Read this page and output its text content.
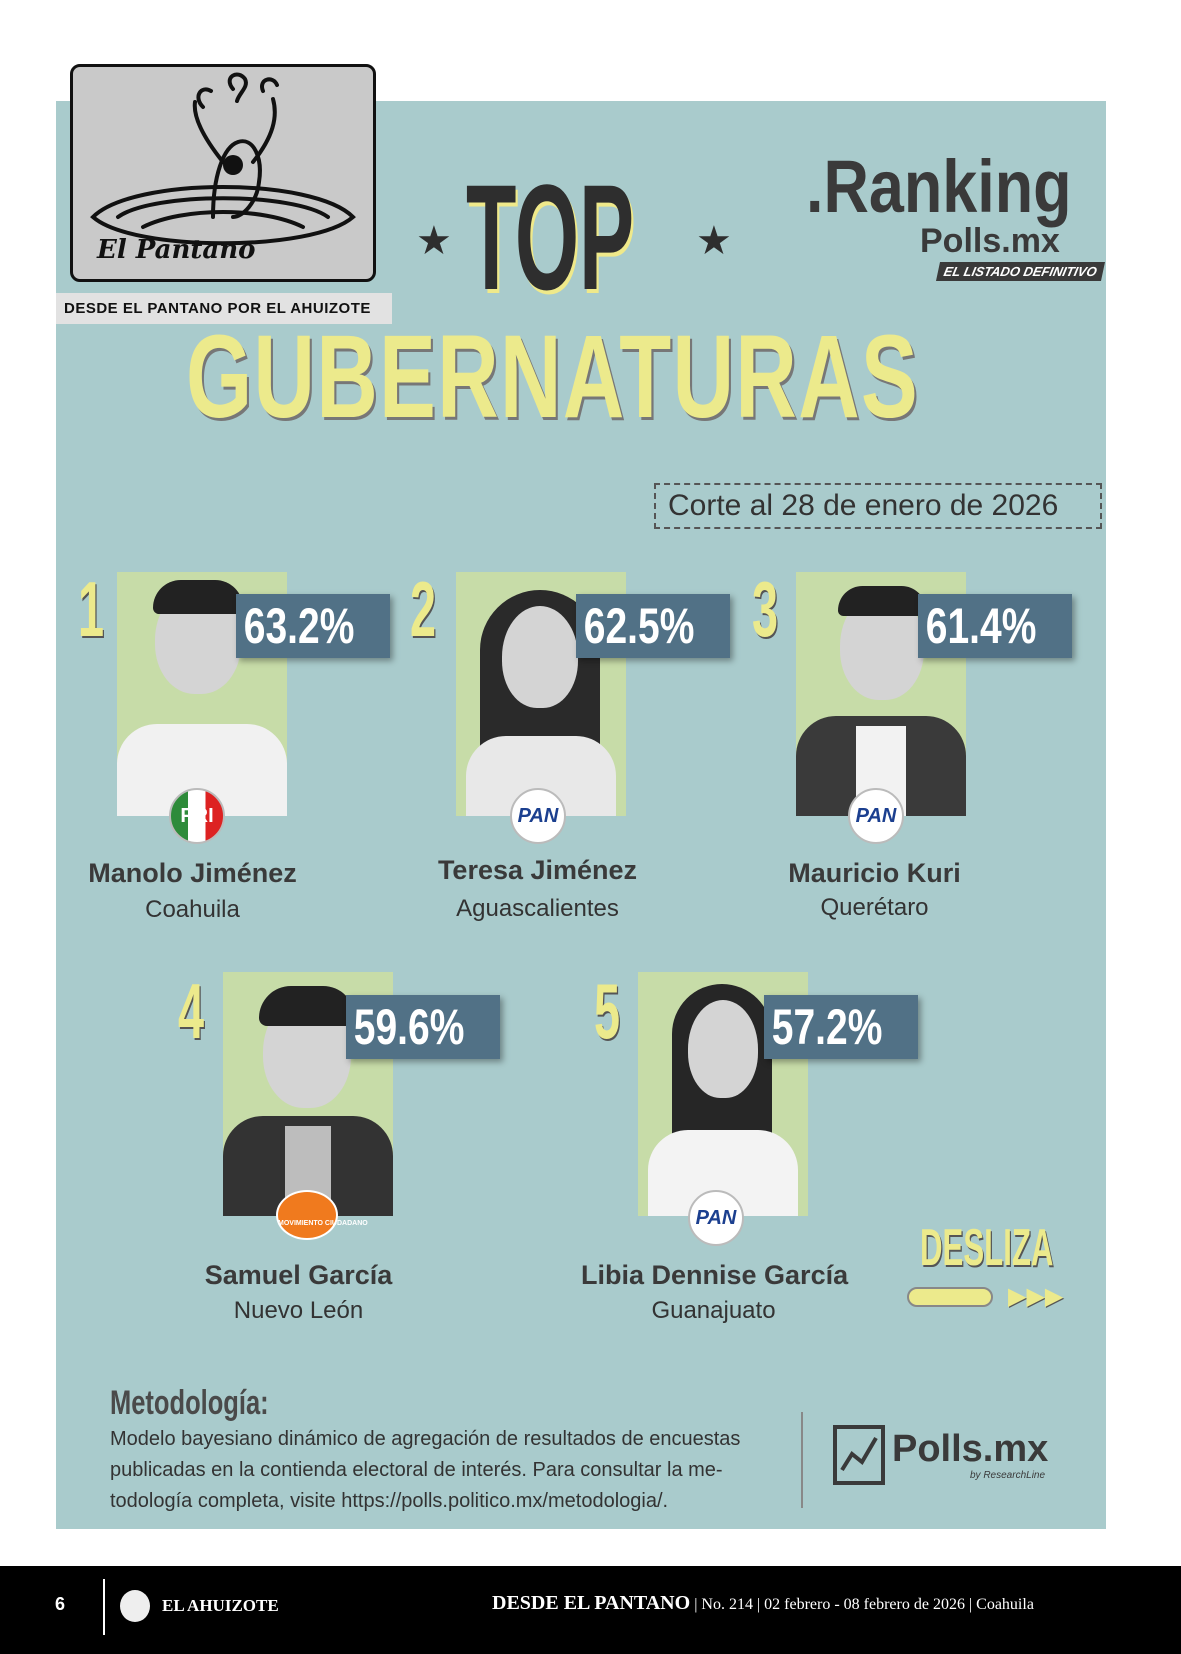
El Pantano
DESDE EL PANTANO POR EL AHUIZOTE
★ TOP ★
GUBERNATURAS
.Ranking
Polls.mx
EL LISTADO DEFINITIVO
Corte al 28 de enero de 2026
1	63.2%
PRI
Manolo Jiménez
Coahuila
2	62.5%
PAN
Teresa Jiménez
Aguascalientes
3	61.4%
PAN
Mauricio Kuri
Querétaro
4	59.6%
MOVIMIENTO CIUDADANO
Samuel García
Nuevo León
5	57.2%
PAN
Libia Dennise García
Guanajuato
DESLIZA
▶▶▶
Metodología:
Modelo bayesiano dinámico de agregación de resultados de encuestas
publicadas en la contienda electoral de interés. Para consultar la me-
todología completa, visite https://polls.politico.mx/metodologia/.
Polls.mx
by ResearchLine
6	EL AHUIZOTE	DESDE EL PANTANO | No. 214 | 02 febrero - 08 febrero de 2026 | Coahuila
